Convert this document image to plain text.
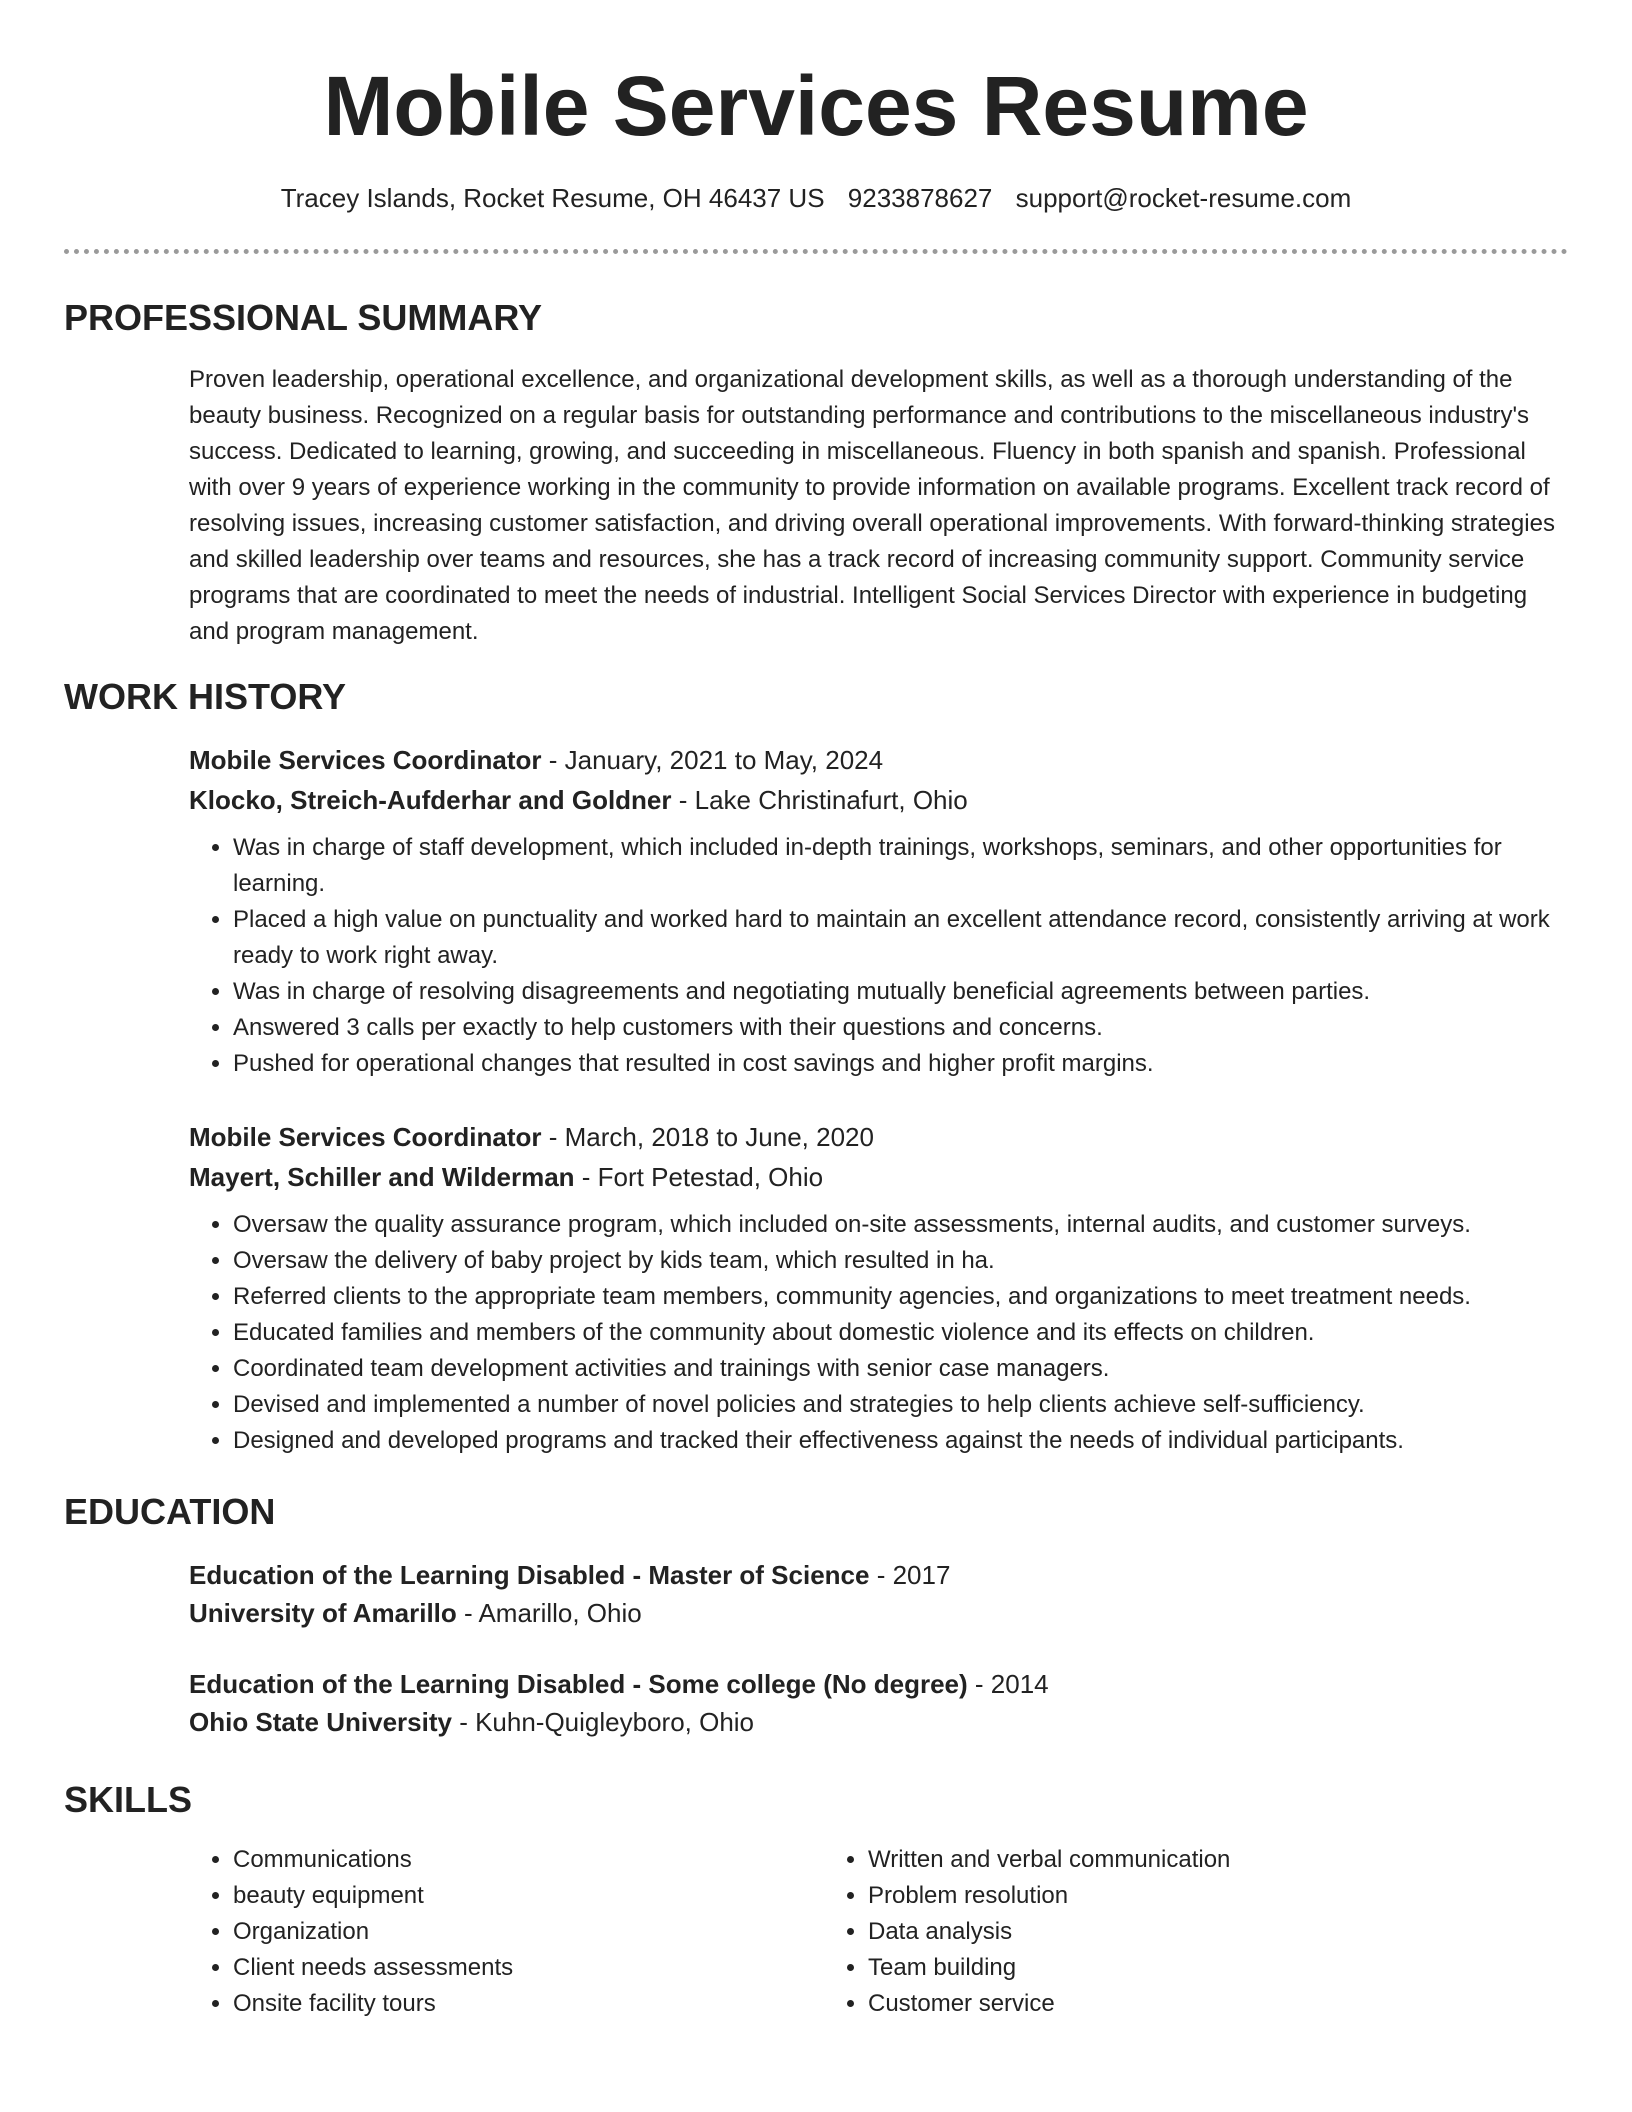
Mobile Services Resume
Tracey Islands, Rocket Resume, OH 46437 US 9233878627 support@rocket-resume.com
PROFESSIONAL SUMMARY

Proven leadership, operational excellence, and organizational development skills, as well as a thorough understanding of the beauty business. Recognized on a regular basis for outstanding performance and contributions to the miscellaneous industry's success. Dedicated to learning, growing, and succeeding in miscellaneous. Fluency in both spanish and spanish. Professional with over 9 years of experience working in the community to provide information on available programs. Excellent track record of resolving issues, increasing customer satisfaction, and driving overall operational improvements. With forward-thinking strategies and skilled leadership over teams and resources, she has a track record of increasing community support. Community service programs that are coordinated to meet the needs of industrial. Intelligent Social Services Director with experience in budgeting and program management.

WORK HISTORY

Mobile Services Coordinator - January, 2021 to May, 2024

Klocko, Streich-Aufderhar and Goldner - Lake Christinafurt, Ohio

• Was in charge of staff development, which included in-depth trainings, workshops, seminars, and other opportunities for learning.
• Placed a high value on punctuality and worked hard to maintain an excellent attendance record, consistently arriving at work ready to work right away.
• Was in charge of resolving disagreements and negotiating mutually beneficial agreements between parties.
• Answered 3 calls per exactly to help customers with their questions and concerns.
• Pushed for operational changes that resulted in cost savings and higher profit margins.

Mobile Services Coordinator - March, 2018 to June, 2020

Mayert, Schiller and Wilderman - Fort Petestad, Ohio

• Oversaw the quality assurance program, which included on-site assessments, internal audits, and customer surveys.
• Oversaw the delivery of baby project by kids team, which resulted in ha.
• Referred clients to the appropriate team members, community agencies, and organizations to meet treatment needs.
• Educated families and members of the community about domestic violence and its effects on children.
• Coordinated team development activities and trainings with senior case managers.
• Devised and implemented a number of novel policies and strategies to help clients achieve self-sufficiency.
• Designed and developed programs and tracked their effectiveness against the needs of individual participants.
EDUCATION

Education of the Learning Disabled - Master of Science - 2017

University of Amarillo - Amarillo, Ohio

Education of the Learning Disabled - Some college (No degree) - 2014

Ohio State University - Kuhn-Quigleyboro, Ohio

SKILLS
• Communications
• beauty equipment
• Organization
• Client needs assessments
• Onsite facility tours
• Written and verbal communication
• Problem resolution
• Data analysis
• Team building
• Customer service
